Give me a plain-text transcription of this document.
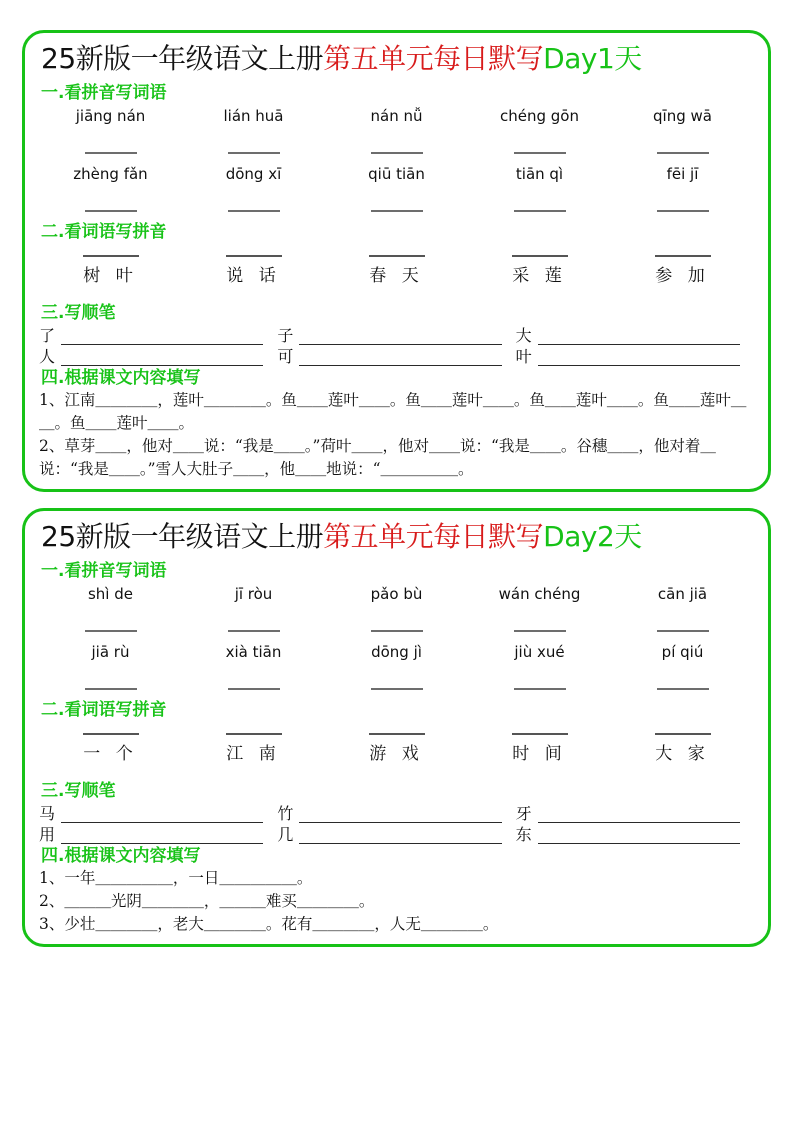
25新版一年级语文上册第五单元每日默写Day1天
一.看拼音写词语
jiāng nán	lián huā	nán nǚ	chéng gōn	qīng wā
zhèng fǎn	dōng xī	qiū tiān	tiān qì	fēi jī
二.看词语写拼音
树 叶	说 话	春 天	采 莲	参 加
三.写顺笔
了	子	大
人	可	叶
四.根据课文内容填写
1、江南＿＿＿＿，莲叶＿＿＿＿。鱼＿＿莲叶＿＿。鱼＿＿莲叶＿＿。鱼＿＿莲叶＿＿。鱼＿＿莲叶＿＿。鱼＿＿莲叶＿＿。
2、草芽＿＿，他对＿＿说：“我是＿＿。”荷叶＿＿，他对＿＿说：“我是＿＿。谷穗＿＿，他对着＿说：“我是＿＿。”雪人大肚子＿＿，他＿＿地说：“＿＿＿＿＿。
25新版一年级语文上册第五单元每日默写Day2天
一.看拼音写词语
shì de	jī ròu	pǎo bù	wán chéng	cān jiā
jiā rù	xià tiān	dōng jì	jiù xué	pí qiú
二.看词语写拼音
一 个	江 南	游 戏	时 间	大 家
三.写顺笔
马	竹	牙
用	几	东
四.根据课文内容填写
1、一年＿＿＿＿＿，一日＿＿＿＿＿。
2、＿＿＿光阴＿＿＿＿，＿＿＿难买＿＿＿＿。
3、少壮＿＿＿＿，老大＿＿＿＿。花有＿＿＿＿，人无＿＿＿＿。
